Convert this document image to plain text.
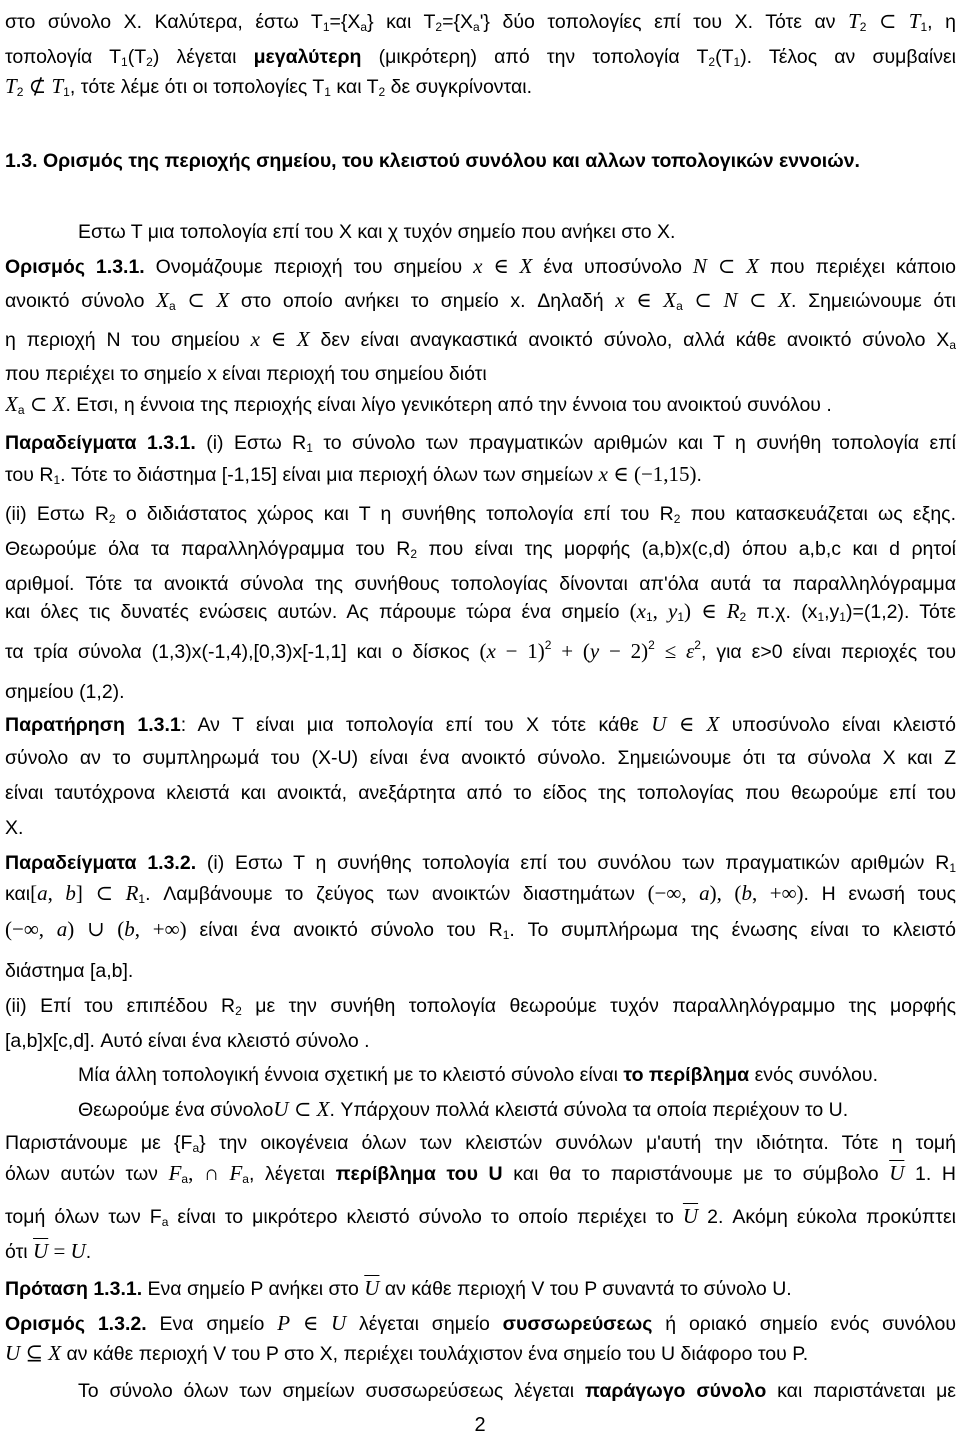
στο σύνολο Χ. Καλύτερα, έστω $T_1=\{X_a\}$ και $T_2=\{X_a'\}$ δύο τοπολογίες επί του Χ. Τότε αν $T_2$ ⊂ $T_1$, η
τοπολογία $T_1(T_2)$ λέγεται μεγαλύτερη (μικρότερη) από την τοπολογία $T_2(T_1)$. Τέλος αν συμβαίνει
$T_2$ ⊄ $T_1$, τότε λέμε ότι οι τοπολογίες $T_1$ και $T_2$ δε συγκρίνονται.
1.3. Ορισμός της περιοχής σημείου, του κλειστού συνόλου και αλλων τοπολογικών εννοιών.
Εστω Τ μια τοπολογία επί του Χ και χ τυχόν σημείο που ανήκει στο Χ.
Ορισμός 1.3.1. Ονομάζουμε περιοχή του σημείου x ∈ X ένα υποσύνολο N ⊂ X που περιέχει κάποιο
ανοικτό σύνολο $X_a$ ⊂ X στο οποίο ανήκει το σημείο x. Δηλαδή x ∈ $X_a$ ⊂ N ⊂ X. Σημειώνουμε ότι
η περιοχή Ν του σημείου x ∈ X δεν είναι αναγκαστικά ανοικτό σύνολο, αλλά κάθε ανοικτό σύνολο $X_a$
που περιέχει το σημείο x είναι περιοχή του σημείου διότι
$X_a$ ⊂ X. Ετσι, η έννοια της περιοχής είναι λίγο γενικότερη από την έννοια του ανοικτού συνόλου .
Παραδείγματα 1.3.1. (i) Εστω $R_1$ το σύνολο των πραγματικών αριθμών και Τ η συνήθη τοπολογία επί
του $R_1$. Τότε το διάστημα [-1,15] είναι μια περιοχή όλων των σημείων x ∈ (−1,15).
(ii) Εστω $R_2$ ο διδιάστατος χώρος και Τ η συνήθης τοπολογία επί του $R_2$ που κατασκευάζεται ως εξης.
Θεωρούμε όλα τα παραλληλόγραμμα του $R_2$ που είναι της μορφής (a,b)x(c,d) όπου a,b,c και d ρητοί
αριθμοί. Τότε τα ανοικτά σύνολα της συνήθους τοπολογίας δίνονται απ'όλα αυτά τα παραλληλόγραμμα
και όλες τις δυνατές ενώσεις αυτών. Ας πάρουμε τώρα ένα σημείο ($x_1$, $y_1$) ∈ $R_2$ π.χ. $(x_1,y_1)=(1,2)$. Τότε
τα τρία σύνολα (1,3)x(-1,4),[0,3)x[-1,1] και ο δίσκος $(x - 1)^2 + (y - 2)^2 \le \varepsilon^2$, για ε>0 είναι περιοχές του
σημείου (1,2).
Παρατήρηση 1.3.1: Αν Τ είναι μια τοπολογία επί του Χ τότε κάθε U ∈ X υποσύνολο είναι κλειστό
σύνολο αν το συμπληρωμά του (Χ-U) είναι ένα ανοικτό σύνολο. Σημειώνουμε ότι τα σύνολα Χ και Ζ
είναι ταυτόχρονα κλειστά και ανοικτά, ανεξάρτητα από το είδος της τοπολογίας που θεωρούμε επί του
Χ.
Παραδείγματα 1.3.2. (i) Εστω Τ η συνήθης τοπολογία επί του συνόλου των πραγματικών αριθμών $R_1$
και[a, b] ⊂ $R_1$. Λαμβάνουμε το ζεύγος των ανοικτών διαστημάτων (−∞, a), (b, +∞). Η ενωσή τους
(−∞, a) ∪ (b, +∞) είναι ένα ανοικτό σύνολο του $R_1$. Το συμπλήρωμα της ένωσης είναι το κλειστό
διάστημα [a,b].
(ii) Επί του επιπέδου $R_2$ με την συνήθη τοπολογία θεωρούμε τυχόν παραλληλόγραμμο της μορφής
[a,b]x[c,d]. Αυτό είναι ένα κλειστό σύνολο .
Μία άλλη τοπολογική έννοια σχετική με το κλειστό σύνολο είναι το περίβλημα ενός συνόλου.
Θεωρούμε ένα σύνολοU ⊂ X. Υπάρχουν πολλά κλειστά σύνολα τα οποία περιέχουν το U.
Παριστάνουμε με $\{F_a\}$ την οικογένεια όλων των κλειστών συνόλων μ'αυτή την ιδιότητα. Τότε η τομή
όλων αυτών των $F_a$, ∩ $F_a$, λέγεται περίβλημα του U και θα το παριστάνουμε με το σύμβολο $\overline{U}$ 1. Η
τομή όλων των $F_a$ είναι το μικρότερο κλειστό σύνολο το οποίο περιέχει το $\overline{U}$ 2. Ακόμη εύκολα προκύπτει
ότι $\overline{U} = U$.
Πρόταση 1.3.1. Ενα σημείο Ρ ανήκει στο $\overline{U}$ αν κάθε περιοχή V του Ρ συναντά το σύνολο U.
Ορισμός 1.3.2. Ενα σημείο P ∈ U λέγεται σημείο συσσωρεύσεως ή οριακό σημείο ενός συνόλου
U ⊆ X αν κάθε περιοχή V του Ρ στο Χ, περιέχει τουλάχιστον ένα σημείο του U διάφορο του Ρ.
Το σύνολο όλων των σημείων συσσωρεύσεως λέγεται παράγωγο σύνολο και παριστάνεται με
2
